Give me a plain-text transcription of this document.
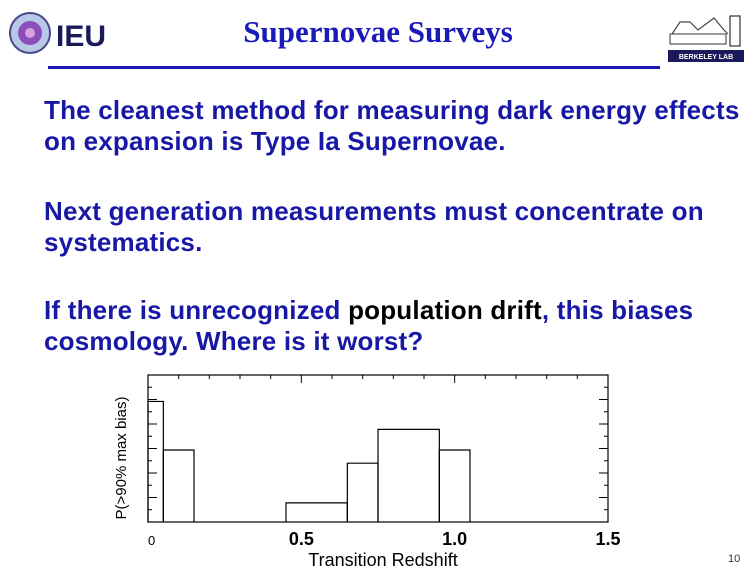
IEU
BERKELEY LAB
Supernovae Surveys
The cleanest method for measuring dark energy effects on expansion is Type Ia Supernovae.
Next generation measurements must concentrate on systematics.
If there is unrecognized population drift, this biases cosmology. Where is it worst?
0	0.5	1.0	1.5
Transition Redshift
P(>90% max bias)
10
